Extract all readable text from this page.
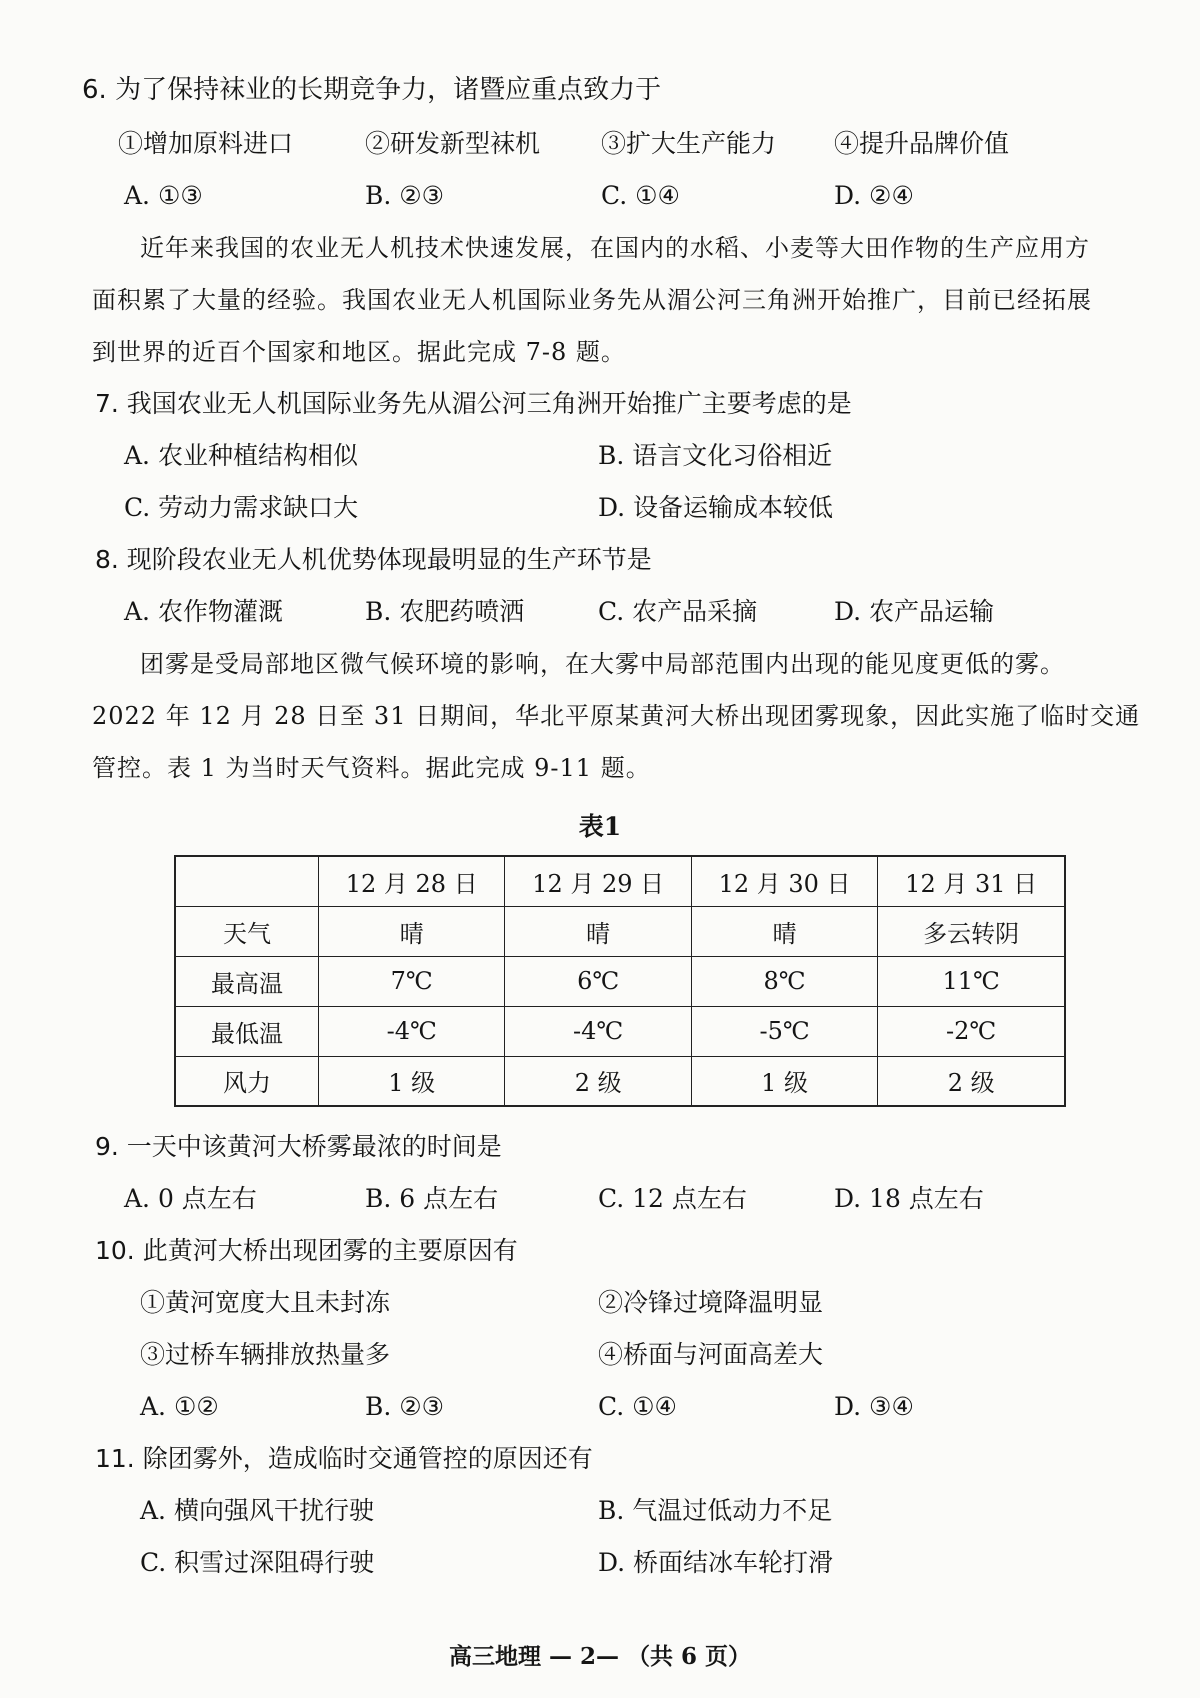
6. 为了保持袜业的长期竞争力，诸暨应重点致力于
①增加原料进口	②研发新型袜机 ③扩大生产能力 ④提升品牌价值
A. ①③	B. ②③	C. ①④	D. ②④
近年来我国的农业无人机技术快速发展，在国内的水稻、小麦等大田作物的生产应用方
面积累了大量的经验。我国农业无人机国际业务先从湄公河三角洲开始推广，目前已经拓展
到世界的近百个国家和地区。据此完成 7-8 题。
7. 我国农业无人机国际业务先从湄公河三角洲开始推广主要考虑的是
A. 农业种植结构相似	B. 语言文化习俗相近
C. 劳动力需求缺口大	D. 设备运输成本较低
8. 现阶段农业无人机优势体现最明显的生产环节是
A. 农作物灌溉	B. 农肥药喷洒	C. 农产品采摘	D. 农产品运输
团雾是受局部地区微气候环境的影响，在大雾中局部范围内出现的能见度更低的雾。
2022 年 12 月 28 日至 31 日期间，华北平原某黄河大桥出现团雾现象，因此实施了临时交通
管控。表 1 为当时天气资料。据此完成 9-11 题。
表1
	12 月 28 日	12 月 29 日	12 月 30 日	12 月 31 日
天气	晴	晴	晴	多云转阴
最高温	7℃	6℃	8℃	11℃
最低温	-4℃	-4℃	-5℃	-2℃
风力	1 级	2 级	1 级	2 级
9. 一天中该黄河大桥雾最浓的时间是
A. 0 点左右	B. 6 点左右	C. 12 点左右	D. 18 点左右
10. 此黄河大桥出现团雾的主要原因有
①黄河宽度大且未封冻	②冷锋过境降温明显
③过桥车辆排放热量多	④桥面与河面高差大
A. ①②	B. ②③	C. ①④	D. ③④
11. 除团雾外，造成临时交通管控的原因还有
A. 横向强风干扰行驶	B. 气温过低动力不足
C. 积雪过深阻碍行驶	D. 桥面结冰车轮打滑
高三地理 — 2— （共 6 页）
